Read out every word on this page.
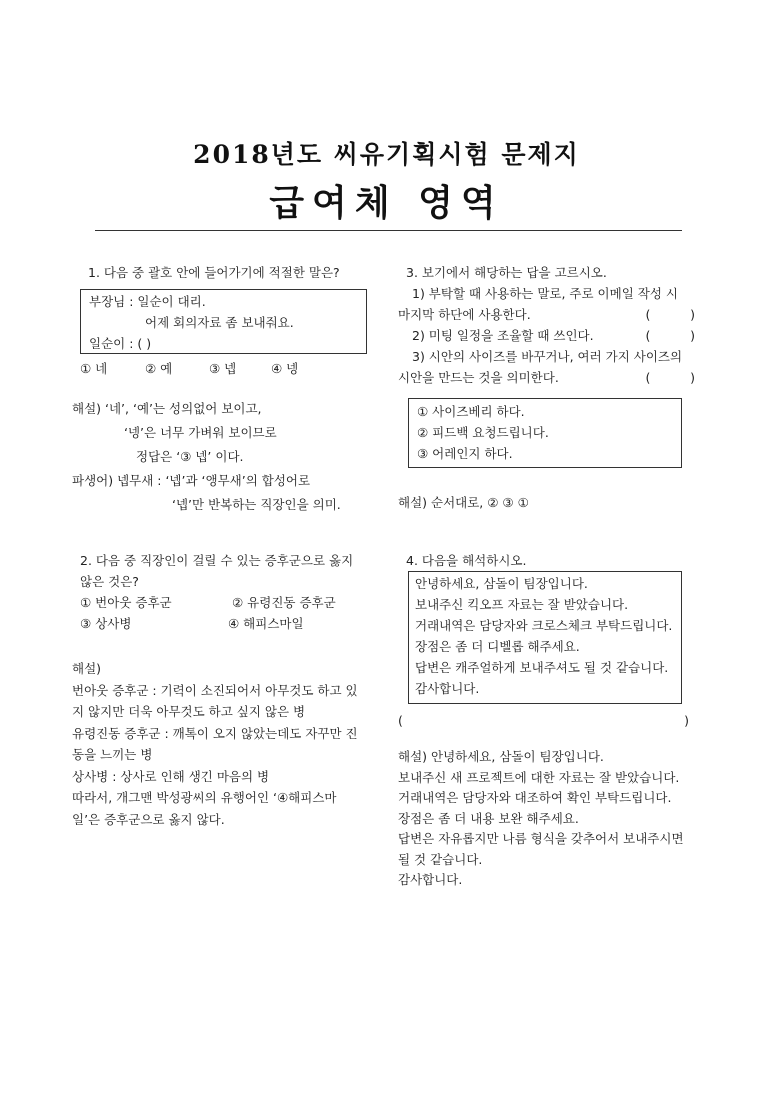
2018년도 씨유기획시험 문제지
급여체 영역
1. 다음 중 괄호 안에 들어가기에 적절한 말은?
부장님 : 일순이 대리.
어제 회의자료 좀 보내줘요.
일순이 : ( )
① 네	② 예	③ 넵	④ 넹
해설) ‘네’, ‘예’는 성의없어 보이고,
‘넹’은 너무 가벼워 보이므로
정답은 ‘③ 넵’ 이다.
파생어) 넵무새 : ‘넵’과 ‘앵무새’의 합성어로
‘넵’만 반복하는 직장인을 의미.
2. 다음 중 직장인이 걸릴 수 있는 증후군으로 옳지
않은 것은?
① 번아웃 증후군	② 유령진동 증후군
③ 상사병	④ 해피스마일
해설)
번아웃 증후군 : 기력이 소진되어서 아무것도 하고 있
지 않지만 더욱 아무것도 하고 싶지 않은 병
유령진동 증후군 : 깨톡이 오지 않았는데도 자꾸만 진
동을 느끼는 병
상사병 : 상사로 인해 생긴 마음의 병
따라서, 개그맨 박성광씨의 유행어인 ‘④해피스마
일’은 증후군으로 옳지 않다.
3. 보기에서 해당하는 답을 고르시오.
1) 부탁할 때 사용하는 말로, 주로 이메일 작성 시
마지막 하단에 사용한다.	(          )
2) 미팅 일정을 조율할 때 쓰인다.	(          )
3) 시안의 사이즈를 바꾸거나, 여러 가지 사이즈의
시안을 만드는 것을 의미한다.	(          )
① 사이즈베리 하다.
② 피드백 요청드립니다.
③ 어레인지 하다.
해설) 순서대로, ② ③ ①
4. 다음을 해석하시오.
안녕하세요, 삼돌이 팀장입니다.
보내주신 킥오프 자료는 잘 받았습니다.
거래내역은 담당자와 크로스체크 부탁드립니다.
장점은 좀 더 디벨롭 해주세요.
답변은 캐주얼하게 보내주셔도 될 것 같습니다.
감사합니다.
(	)
해설) 안녕하세요, 삼돌이 팀장입니다.
보내주신 새 프로젝트에 대한 자료는 잘 받았습니다.
거래내역은 담당자와 대조하여 확인 부탁드립니다.
장점은 좀 더 내용 보완 해주세요.
답변은 자유롭지만 나름 형식을 갖추어서 보내주시면
될 것 같습니다.
감사합니다.
